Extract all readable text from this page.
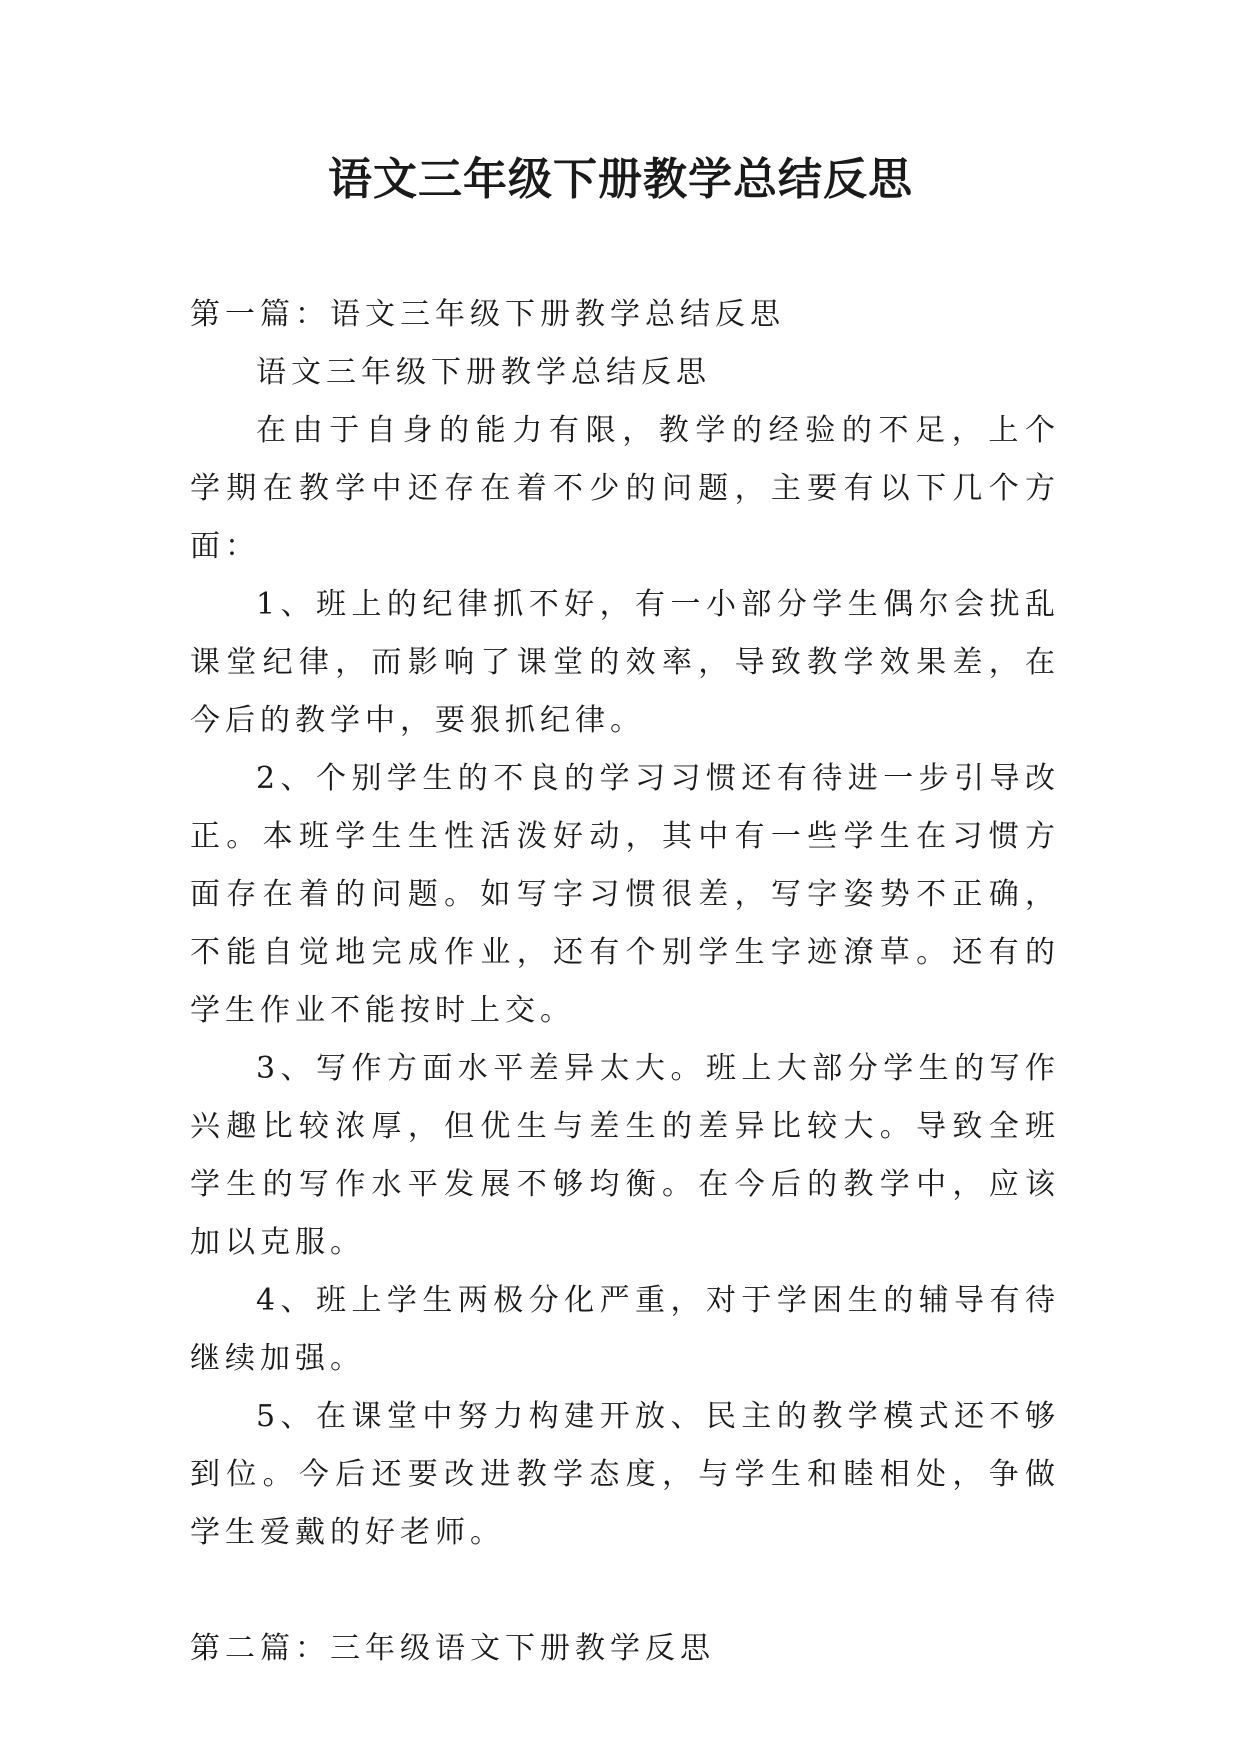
语文三年级下册教学总结反思

第一篇：语文三年级下册教学总结反思

语文三年级下册教学总结反思

在由于自身的能力有限，教学的经验的不足，上个学期在教学中还存在着不少的问题，主要有以下几个方面：

1、班上的纪律抓不好，有一小部分学生偶尔会扰乱课堂纪律，而影响了课堂的效率，导致教学效果差，在今后的教学中，要狠抓纪律。

2、个别学生的不良的学习习惯还有待进一步引导改正。本班学生生性活泼好动，其中有一些学生在习惯方面存在着的问题。如写字习惯很差，写字姿势不正确，不能自觉地完成作业，还有个别学生字迹潦草。还有的学生作业不能按时上交。

3、写作方面水平差异太大。班上大部分学生的写作兴趣比较浓厚，但优生与差生的差异比较大。导致全班学生的写作水平发展不够均衡。在今后的教学中，应该加以克服。

4、班上学生两极分化严重，对于学困生的辅导有待继续加强。

5、在课堂中努力构建开放、民主的教学模式还不够到位。今后还要改进教学态度，与学生和睦相处，争做学生爱戴的好老师。

第二篇：三年级语文下册教学反思
